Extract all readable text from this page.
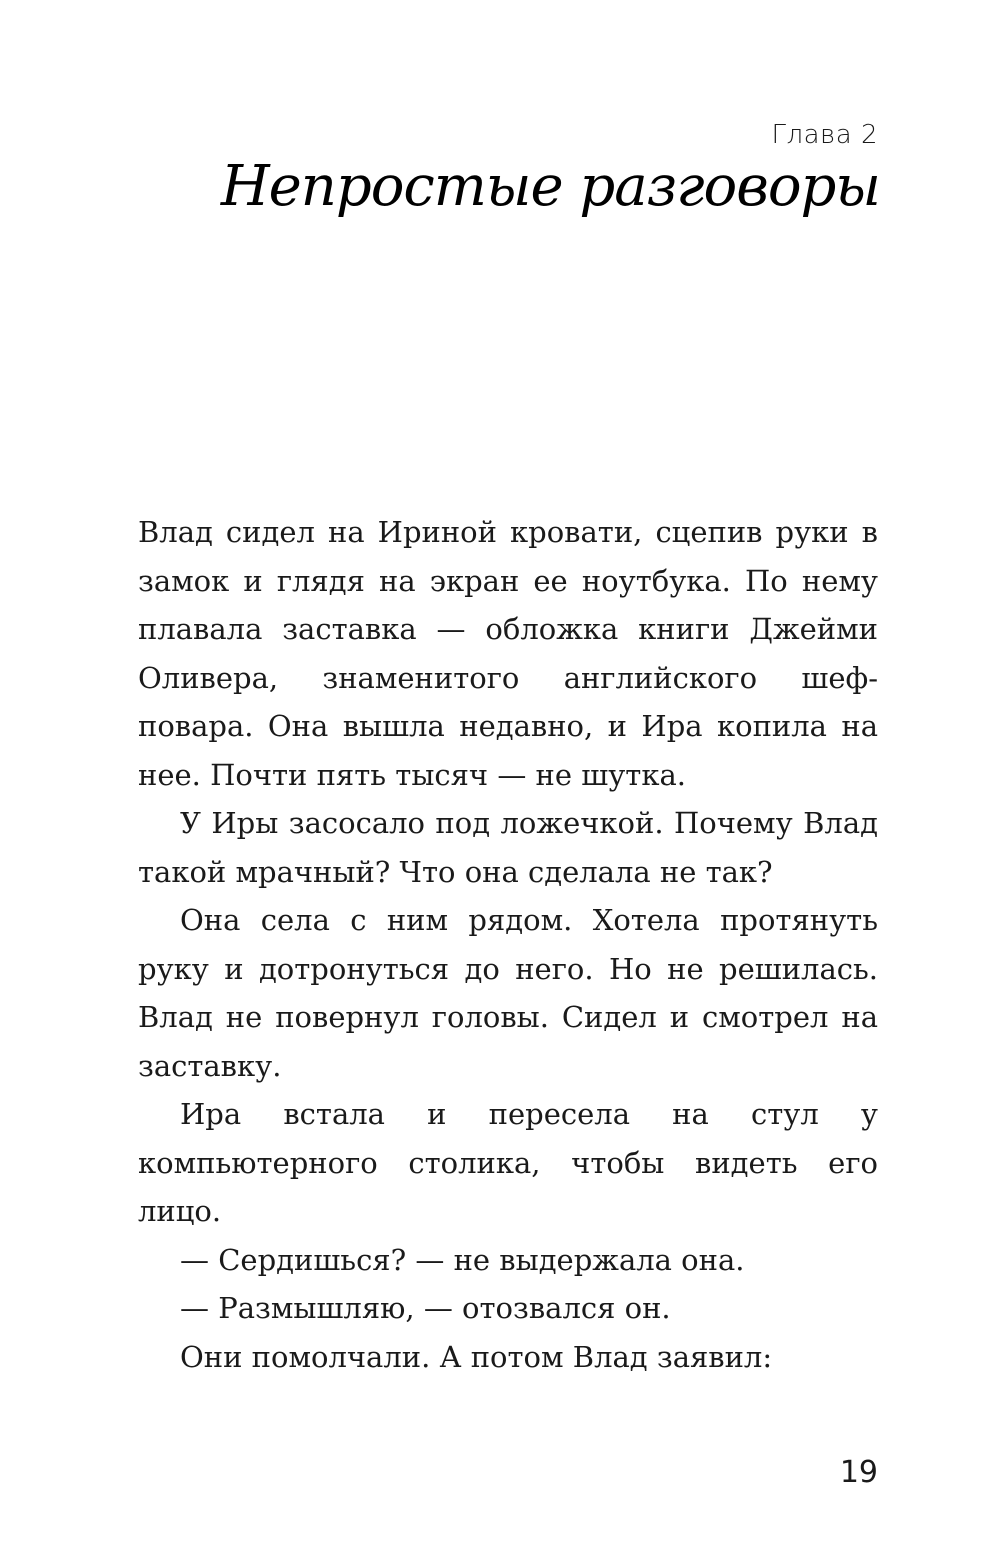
Глава 2
Непростые разговоры

Влад сидел на Ириной кровати, сцепив руки в замок и глядя на экран ее ноутбука. По нему плавала заставка — обложка книги Джейми Оливера, знаменитого английского шеф-повара. Она вышла недавно, и Ира копила на нее. Почти пять тысяч — не шутка.

У Иры засосало под ложечкой. Почему Влад такой мрачный? Что она сделала не так?

Она села с ним рядом. Хотела протянуть руку и дотронуться до него. Но не решилась. Влад не повернул головы. Сидел и смотрел на заставку.

Ира встала и пересела на стул у компьютерного столика, чтобы видеть его лицо.

— Сердишься? — не выдержала она.

— Размышляю, — отозвался он.

Они помолчали. А потом Влад заявил:

19
